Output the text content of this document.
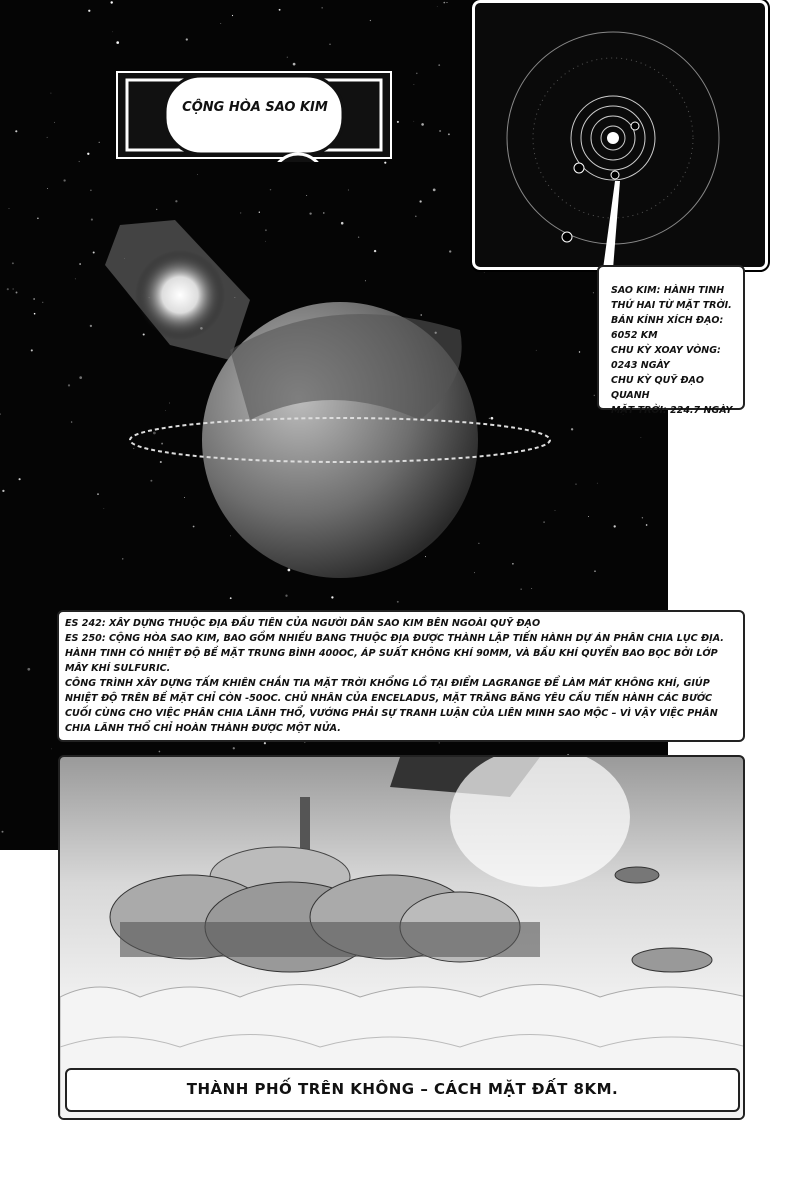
CỘNG HÒA SAO KIM
SAO KIM: HÀNH TINH
THỨ HAI TỪ MẶT TRỜI.
BÁN KÍNH XÍCH ĐẠO:
6052 KM
CHU KỲ XOAY VÒNG:
0243 NGÀY
CHU KỲ QUỸ ĐẠO QUANH
MẶT TRỜI: 224.7 NGÀY
ES 242: XÂY DỰNG THUỘC ĐỊA ĐẦU TIÊN CỦA NGƯỜI DÂN SAO KIM BÊN NGOÀI QUỸ ĐẠO
ES 250: CỘNG HÒA SAO KIM, BAO GỒM NHIỀU BANG THUỘC ĐỊA ĐƯỢC THÀNH LẬP TIẾN HÀNH DỰ ÁN PHÂN CHIA LỤC ĐỊA.
HÀNH TINH CÓ NHIỆT ĐỘ BỀ MẶT TRUNG BÌNH 400OC, ÁP SUẤT KHÔNG KHÍ 90MM, VÀ BẦU KHÍ QUYỂN BAO BỌC BỞI LỚP MÂY KHÍ SULFURIC.
CÔNG TRÌNH XÂY DỰNG TẤM KHIÊN CHẮN TIA MẶT TRỜI KHỔNG LỒ TẠI ĐIỂM LAGRANGE ĐỂ LÀM MÁT KHÔNG KHÍ, GIÚP NHIỆT ĐỘ TRÊN BỀ MẶT CHỈ CÒN -50OC. CHỦ NHÂN CỦA ENCELADUS, MẶT TRĂNG BĂNG YÊU CẦU TIẾN HÀNH CÁC BƯỚC CUỐI CÙNG CHO VIỆC PHÂN CHIA LÃNH THỔ, VƯỚNG PHẢI SỰ TRANH LUẬN CỦA LIÊN MINH SAO MỘC – VÌ VẬY VIỆC PHÂN CHIA LÃNH THỔ CHỈ HOÀN THÀNH ĐƯỢC MỘT NỬA.
THÀNH PHỐ TRÊN KHÔNG – CÁCH MẶT ĐẤT 8KM.
